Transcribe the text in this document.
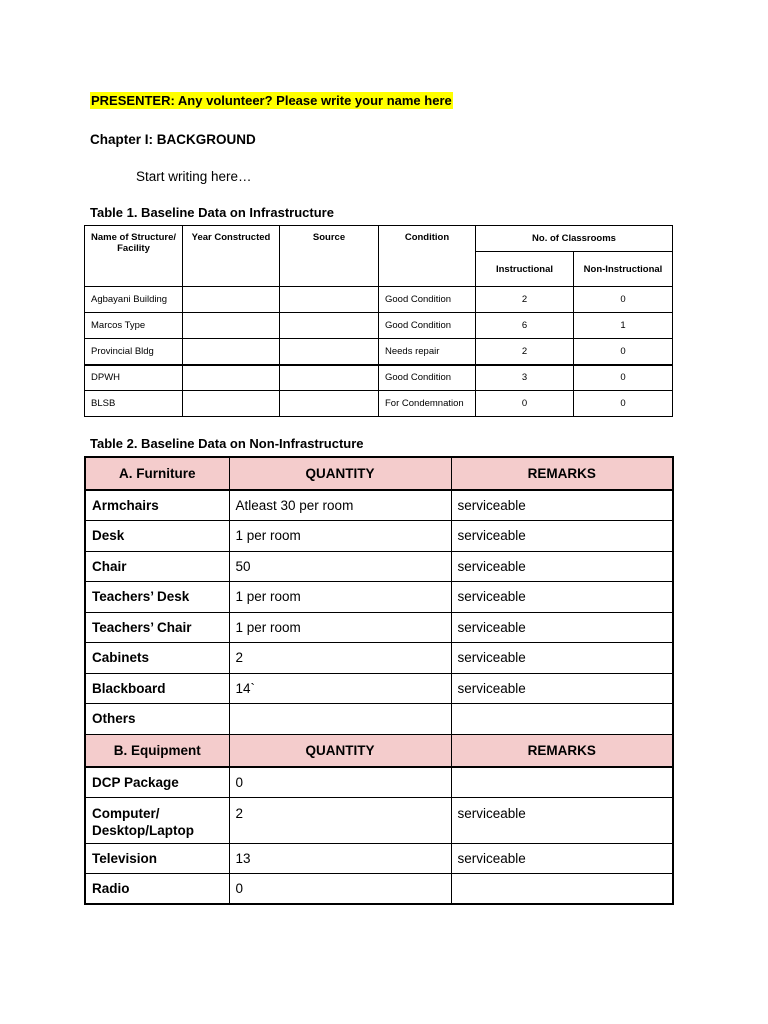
PRESENTER: Any volunteer? Please write your name here
Chapter I: BACKGROUND
Start writing here…
Table 1. Baseline Data on Infrastructure
Name of Structure/ Facility	Year Constructed	Source	Condition	No. of Classrooms	
				Instructional	Non-Instructional
Agbayani Building			Good Condition	2	0
Marcos Type			Good Condition	6	1
Provincial Bldg			Needs repair	2	0
DPWH			Good Condition	3	0
BLSB			For Condemnation	0	0
Table 2. Baseline Data on Non-Infrastructure
A. Furniture	QUANTITY	REMARKS
Armchairs	Atleast 30 per room	serviceable
Desk	1 per room	serviceable
Chair	50	serviceable
Teachers’ Desk	1 per room	serviceable
Teachers’ Chair	1 per room	serviceable
Cabinets	2	serviceable
Blackboard	14`	serviceable
Others		
B. Equipment	QUANTITY	REMARKS
DCP Package	0	
Computer/ Desktop/Laptop	2	serviceable
Television	13	serviceable
Radio	0	
